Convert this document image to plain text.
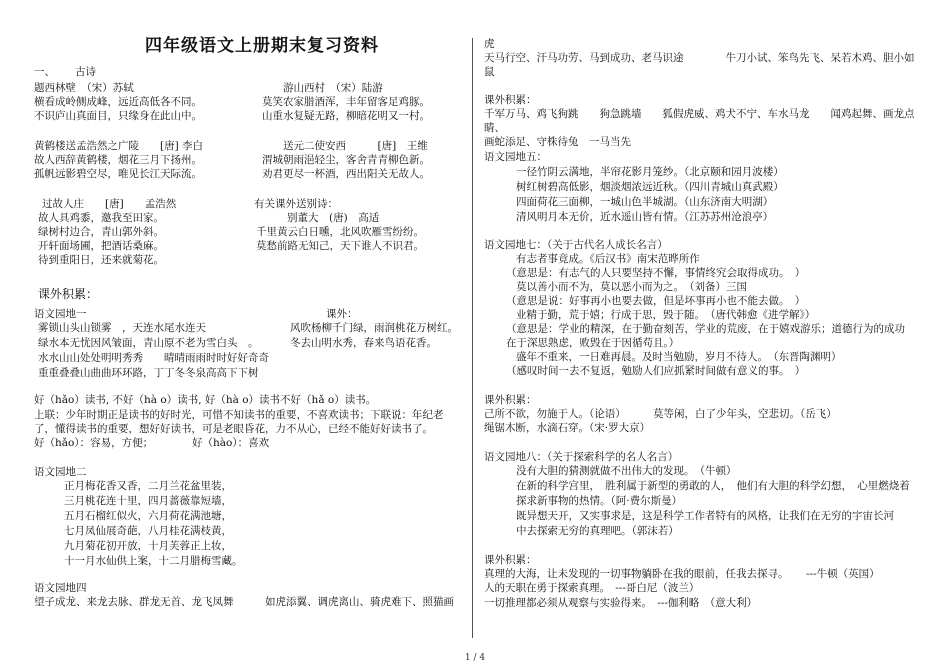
四年级语文上册期末复习资料
一、 古诗
题西林壁　（宋）苏轼
横看成岭侧成峰，远近高低各不同。
不识庐山真面目，只缘身在此山中。
游山西村　（宋）陆游
莫笑农家腊酒浑，丰年留客足鸡豚。
山重水复疑无路，柳暗花明又一村。
黄鹤楼送孟浩然之广陵　　[唐] 李白
故人西辞黄鹤楼，烟花三月下扬州。
孤帆远影碧空尽，唯见长江天际流。
送元二使安西　　　[唐]　王维
渭城朝雨浥轻尘，客舍青青柳色新。
劝君更尽一杯酒，西出阳关无故人。
过故人庄　　[唐]　　孟浩然
故人具鸡黍，邀我至田家。
绿树村边合，青山郭外斜。
开轩面场圃，把酒话桑麻。
待到重阳日，还来就菊花。
有关课外送别诗：
别董大　(唐)　高适
千里黄云白日曛，北风吹雁雪纷纷。
莫愁前路无知己，天下谁人不识君。
课外积累：
语文园地一	课外：
雾锁山头山锁雾　，天连水尾水连天
绿水本无忧因风皱面，青山原不老为雪白头　。
水水山山处处明明秀秀　　晴晴雨雨时时好好奇奇
重重叠叠山曲曲环环路，丁丁冬冬泉高高下下树
风吹杨柳千门绿，雨润桃花万树红。
冬去山明水秀，春来鸟语花香。
好（hǎo）读书, 不好（hà o）读书, 好（hà o）读书不好（hǎ o）读书。
上联：少年时期正是读书的好时光，可惜不知读书的重要，不喜欢读书；下联说：年纪老
了，懂得读书的重要，想好好读书，可是老眼昏花，力不从心，已经不能好好读书了。
好（hǎo）：容易，方便；	好（hào）：喜欢
语文园地二
正月梅花香又香，二月兰花盆里装，
三月桃花连十里，四月蔷薇靠短墙，
五月石榴红似火，六月荷花满池塘，
七月凤仙展奇葩，八月桂花满枝黄，
九月菊花初开放，十月芙蓉正上妆，
十一月水仙供上案，十二月腊梅雪藏。
语文园地四
望子成龙、来龙去脉、群龙无首、龙飞凤舞　　　如虎添翼、调虎离山、骑虎难下、照猫画
虎
天马行空、汗马功劳、马到成功、老马识途　　　　牛刀小试、笨鸟先飞、呆若木鸡、胆小如
鼠
课外积累：
千军万马、鸡飞狗跳　　狗急跳墙　　狐假虎威、鸡犬不宁、车水马龙　　闻鸡起舞、画龙点
睛、
画蛇添足、守株待兔　一马当先
语文园地五：
一径竹阴云满地，半帘花影月笼纱。（北京颐和园月波楼）
树红树碧高低影，烟淡烟浓远近秋。（四川青城山真武殿）
四面荷花三面柳，一城山色半城湖。（山东济南大明湖）
清风明月本无价，近水遥山皆有情。（江苏苏州沧浪亭）
语文园地七：（关于古代名人成长名言）
有志者事竟成。《后汉书》南宋范晔所作
（意思是：有志气的人只要坚持不懈，事情终究会取得成功。　）
莫以善小而不为，莫以恶小而为之。　（刘备）三国
（意思是说：好事再小也要去做，但是坏事再小也不能去做。　）
业精于勤，荒于嬉；行成于思，毁于随。　（唐代韩愈《进学解》）
（意思是：学业的精深，在于勤奋刻苦，学业的荒废，在于嬉戏游乐；道德行为的成功
在于深思熟虑，败毁在于因循苟且。）
盛年不重来，一日难再晨。及时当勉励，岁月不待人。　（东晋陶渊明）
（感叹时间一去不复返，勉励人们应抓紧时间做有意义的事。　）
课外积累：
己所不欲，勿施于人。（论语）	莫等闲，白了少年头，空悲切。（岳飞）
绳锯木断，水滴石穿。（宋·罗大京）
语文园地八：（关于探索科学的名人名言）
没有大胆的猜测就做不出伟大的发现。　（牛顿）
在新的科学宫里，　胜利属于新型的勇敢的人，　他们有大胆的科学幻想，　心里燃烧着
探求新事物的热情。（阿·费尔斯曼）
既异想天开，又实事求是，这是科学工作者特有的风格，让我们在无穷的宇宙长河
中去探索无穷的真理吧。（郭沫若）
课外积累：
真理的大海，让未发现的一切事物躺卧在我的眼前，任我去探寻。 ---牛顿（英国）
人的天职在勇于探索真理。　---哥白尼（波兰）
一切推理都必须从观察与实验得来。　---伽利略　（意大利）
1 / 4
